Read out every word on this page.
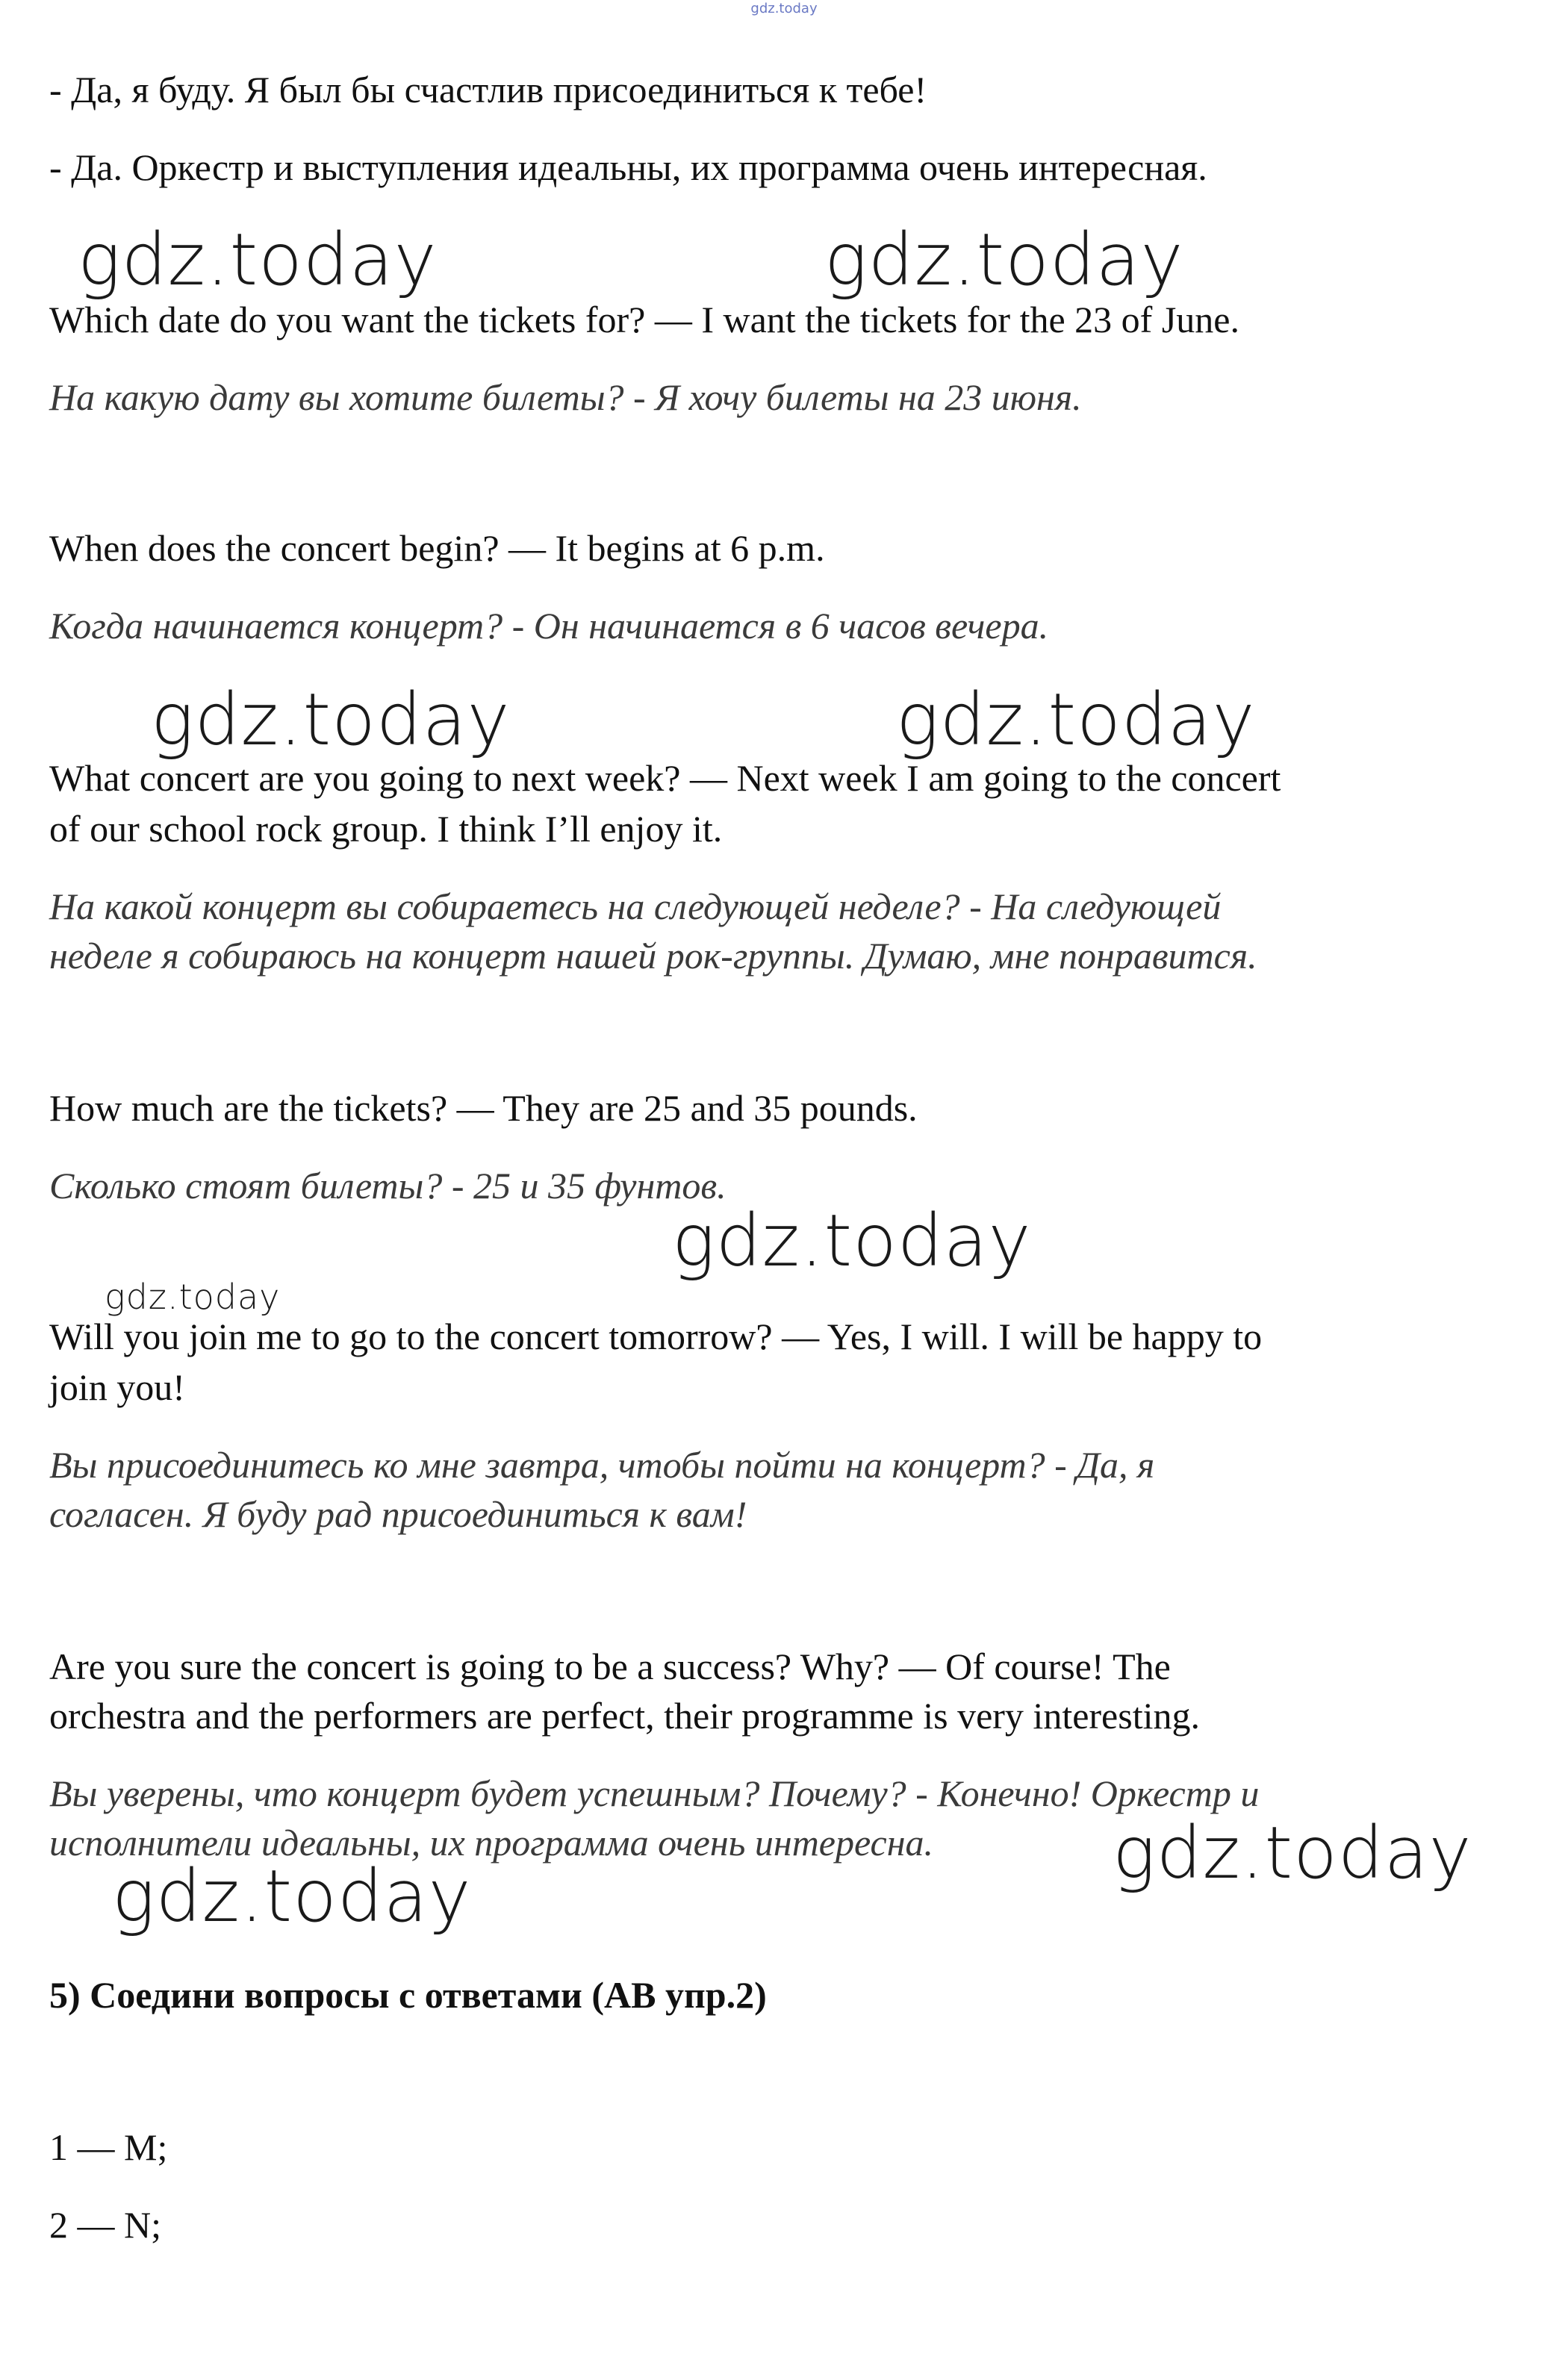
gdz.today
- Да, я буду. Я был бы счастлив присоединиться к тебе!
- Да. Оркестр и выступления идеальны, их программа очень интересная.
gdz.today	gdz.today
Which date do you want the tickets for? — I want the tickets for the 23 of June.
На какую дату вы хотите билеты? - Я хочу билеты на 23 июня.
When does the concert begin? — It begins at 6 p.m.
Когда начинается концерт? - Он начинается в 6 часов вечера.
gdz.today	gdz.today
What concert are you going to next week? — Next week I am going to the concert
of our school rock group. I think I’ll enjoy it.
На какой концерт вы собираетесь на следующей неделе? - На следующей
неделе я собираюсь на концерт нашей рок-группы. Думаю, мне понравится.
How much are the tickets? — They are 25 and 35 pounds.
Сколько стоят билеты? - 25 и 35 фунтов.
gdz.today
gdz.today
Will you join me to go to the concert tomorrow? — Yes, I will. I will be happy to
join you!
Вы присоединитесь ко мне завтра, чтобы пойти на концерт? - Да, я
согласен. Я буду рад присоединиться к вам!
Are you sure the concert is going to be a success? Why? — Of course! The
orchestra and the performers are perfect, their programme is very interesting.
Вы уверены, что концерт будет успешным? Почему? - Конечно! Оркестр и
исполнители идеальны, их программа очень интересна. gdz.today
gdz.today
5) Соедини вопросы с ответами (АВ упр.2)
1 — M;
2 — N;
